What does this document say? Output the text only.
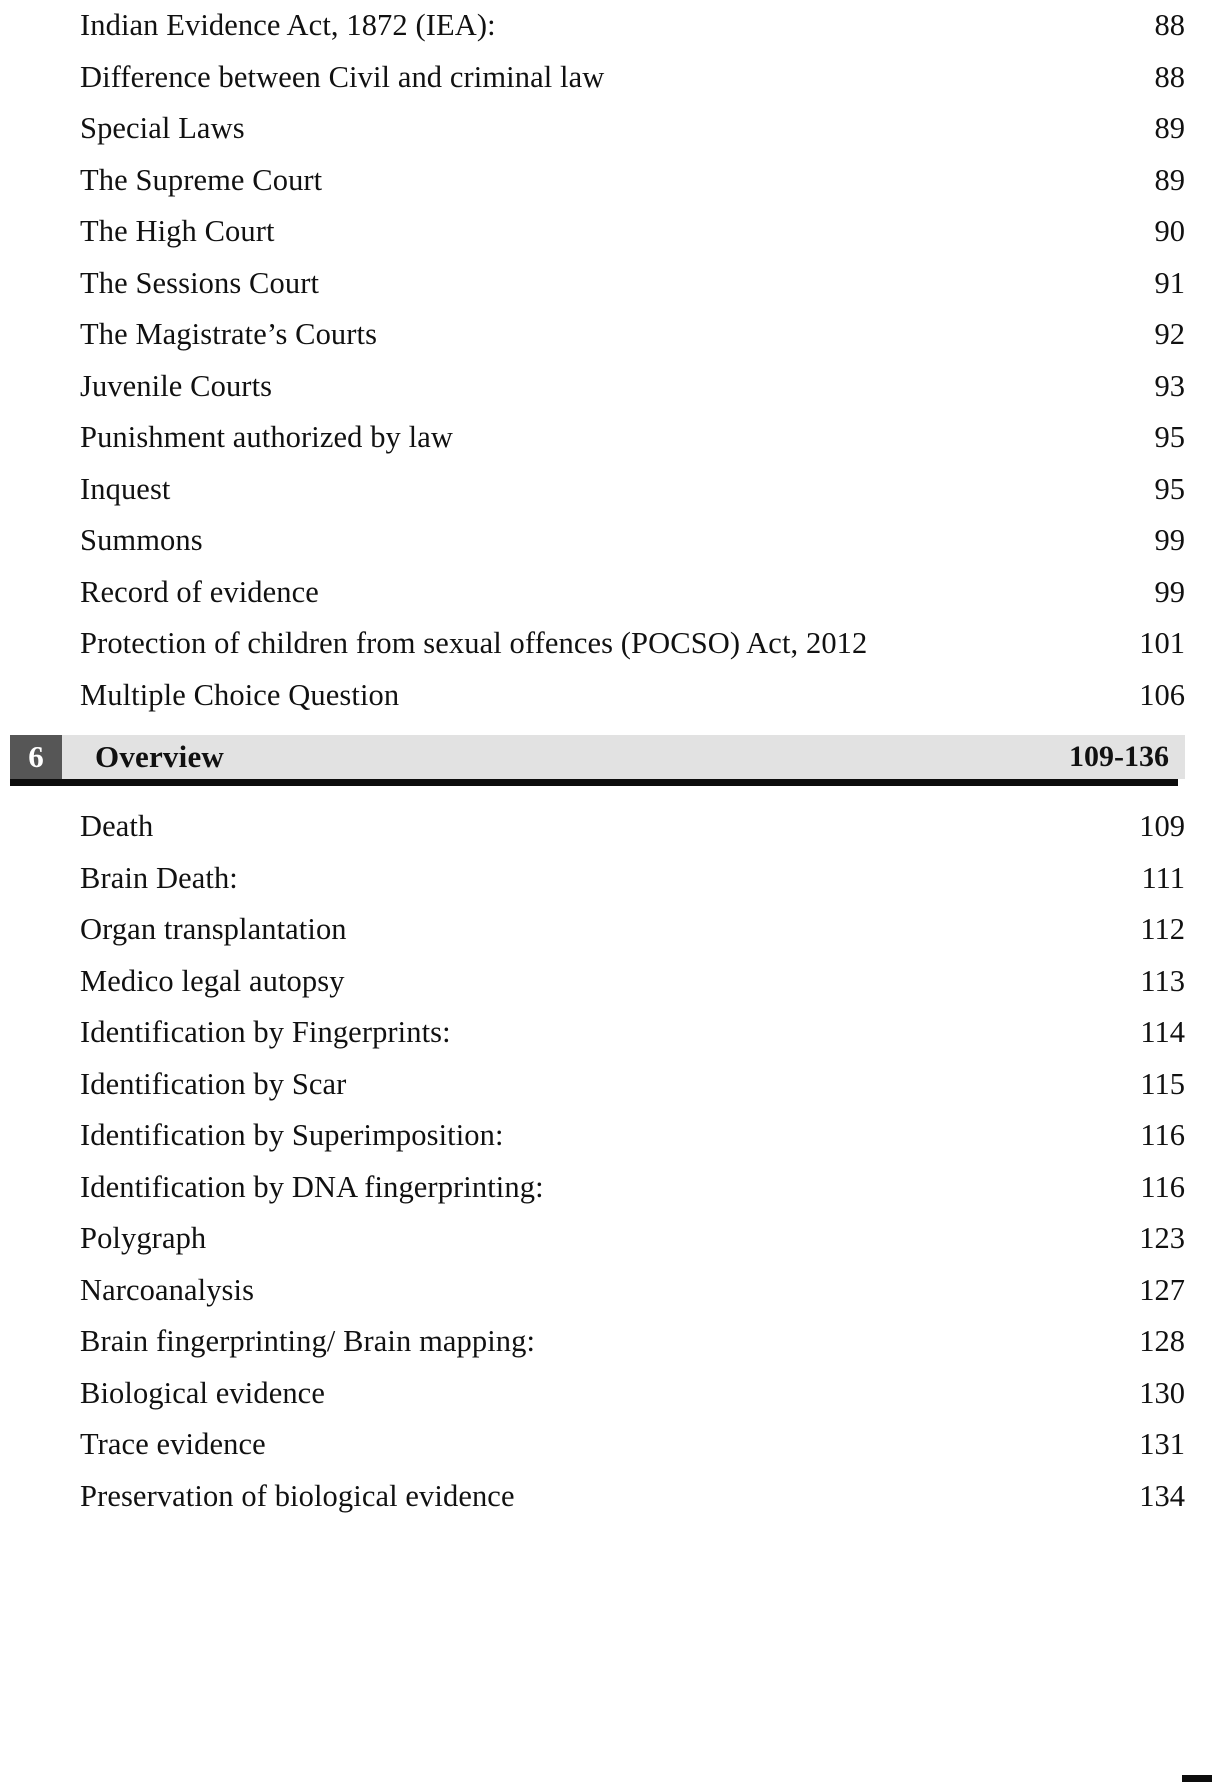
Indian Evidence Act, 1872 (IEA):	88
Difference between Civil and criminal law	88
Special Laws	89
The Supreme Court	89
The High Court	90
The Sessions Court	91
The Magistrate’s Courts	92
Juvenile Courts	93
Punishment authorized by law	95
Inquest	95
Summons	99
Record of evidence	99
Protection of children from sexual offences (POCSO) Act, 2012	101
Multiple Choice Question	106
6 Overview	109-136
Death	109
Brain Death:	111
Organ transplantation	112
Medico legal autopsy	113
Identification by Fingerprints:	114
Identification by Scar	115
Identification by Superimposition:	116
Identification by DNA fingerprinting:	116
Polygraph	123
Narcoanalysis	127
Brain fingerprinting/ Brain mapping:	128
Biological evidence	130
Trace evidence	131
Preservation of biological evidence	134
